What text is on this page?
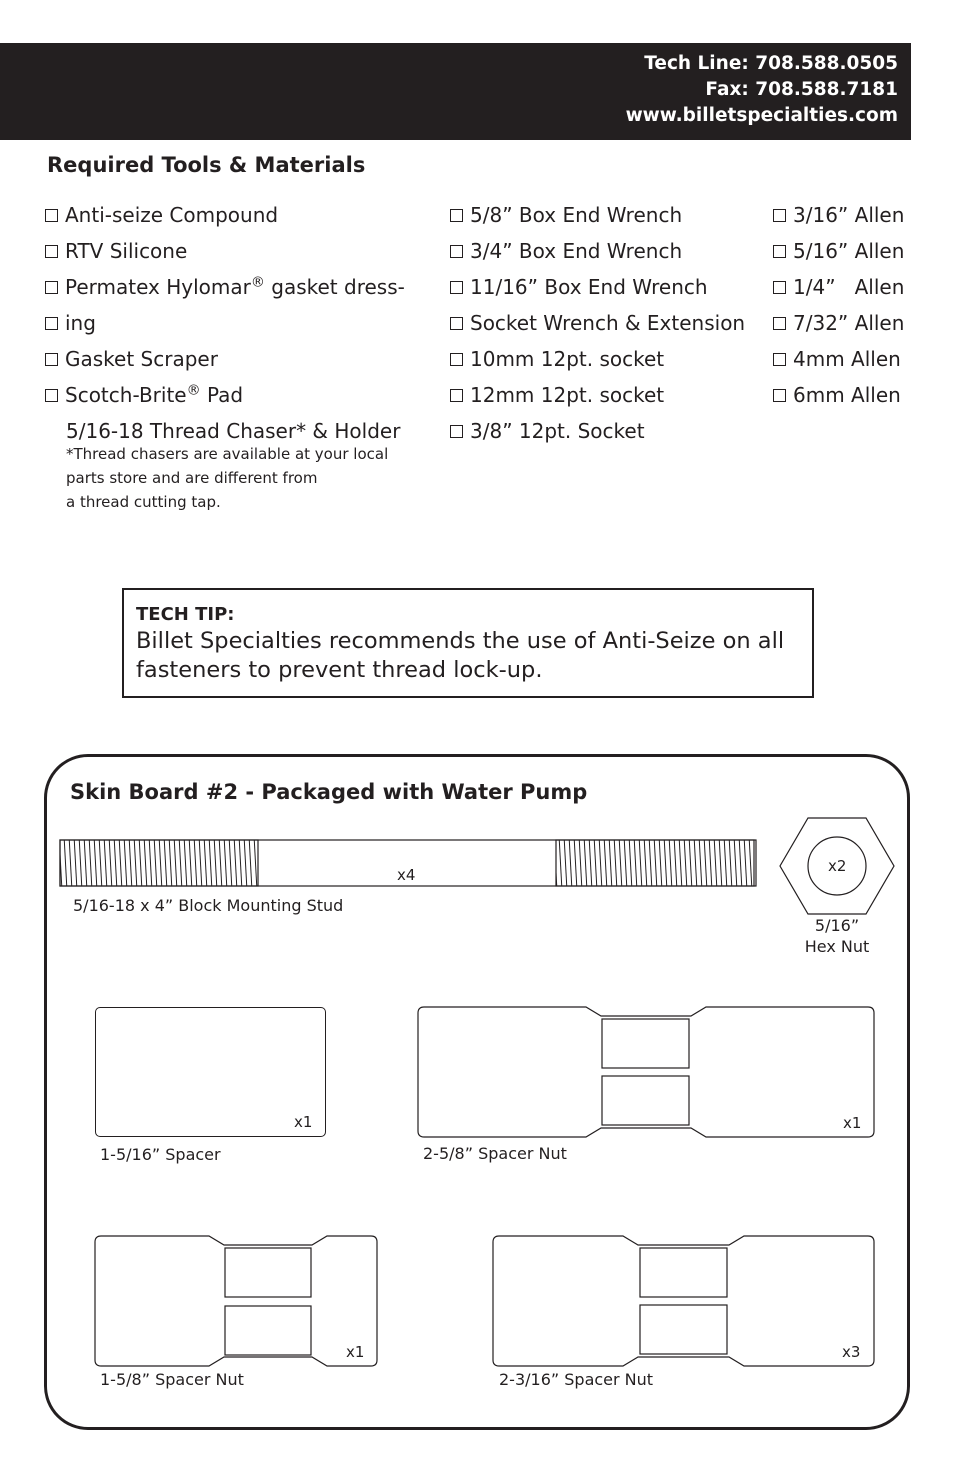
Tech Line: 708.588.0505
Fax: 708.588.7181
www.billetspecialties.com
Required Tools & Materials
Anti-seize Compound
RTV Silicone
Permatex Hylomar® gasket dress-
ing
Gasket Scraper
Scotch-Brite® Pad
5/16-18 Thread Chaser* & Holder
*Thread chasers are available at your local
parts store and are different from
a thread cutting tap.
5/8” Box End Wrench
3/4” Box End Wrench
11/16” Box End Wrench
Socket Wrench & Extension
10mm 12pt. socket
12mm 12pt. socket
3/8” 12pt. Socket
3/16” Allen
5/16” Allen
1/4”   Allen
7/32” Allen
4mm Allen
6mm Allen
TECH TIP:
Billet Specialties recommends the use of Anti-Seize on all
fasteners to prevent thread lock-up.
Skin Board #2 - Packaged with Water Pump
x4
5/16-18 x 4” Block Mounting Stud
x2
5/16”
Hex Nut
x1
1-5/16” Spacer
x1
2-5/8” Spacer Nut
x1
1-5/8” Spacer Nut
x3
2-3/16” Spacer Nut
